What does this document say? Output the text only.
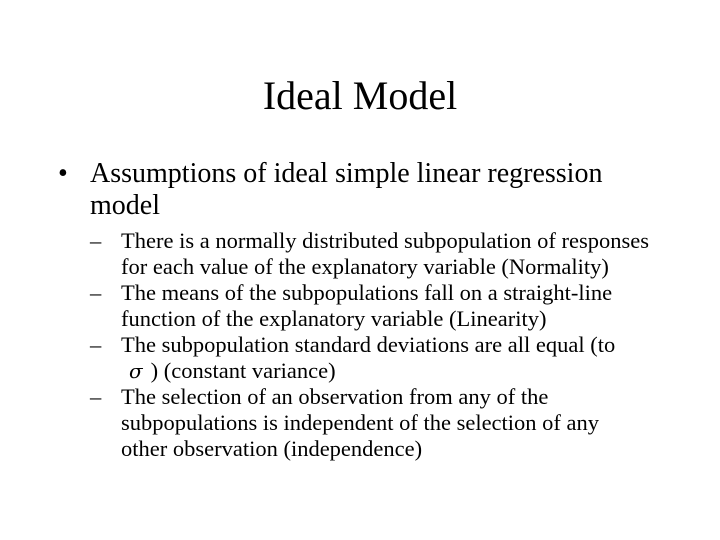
Ideal Model
• Assumptions of ideal simple linear regression model
– There is a normally distributed subpopulation of responses for each value of the explanatory variable (Normality)
– The means of the subpopulations fall on a straight-line function of the explanatory variable (Linearity)
– The subpopulation standard deviations are all equal (to
σ ) (constant variance)
– The selection of an observation from any of the subpopulations is independent of the selection of any other observation (independence)
